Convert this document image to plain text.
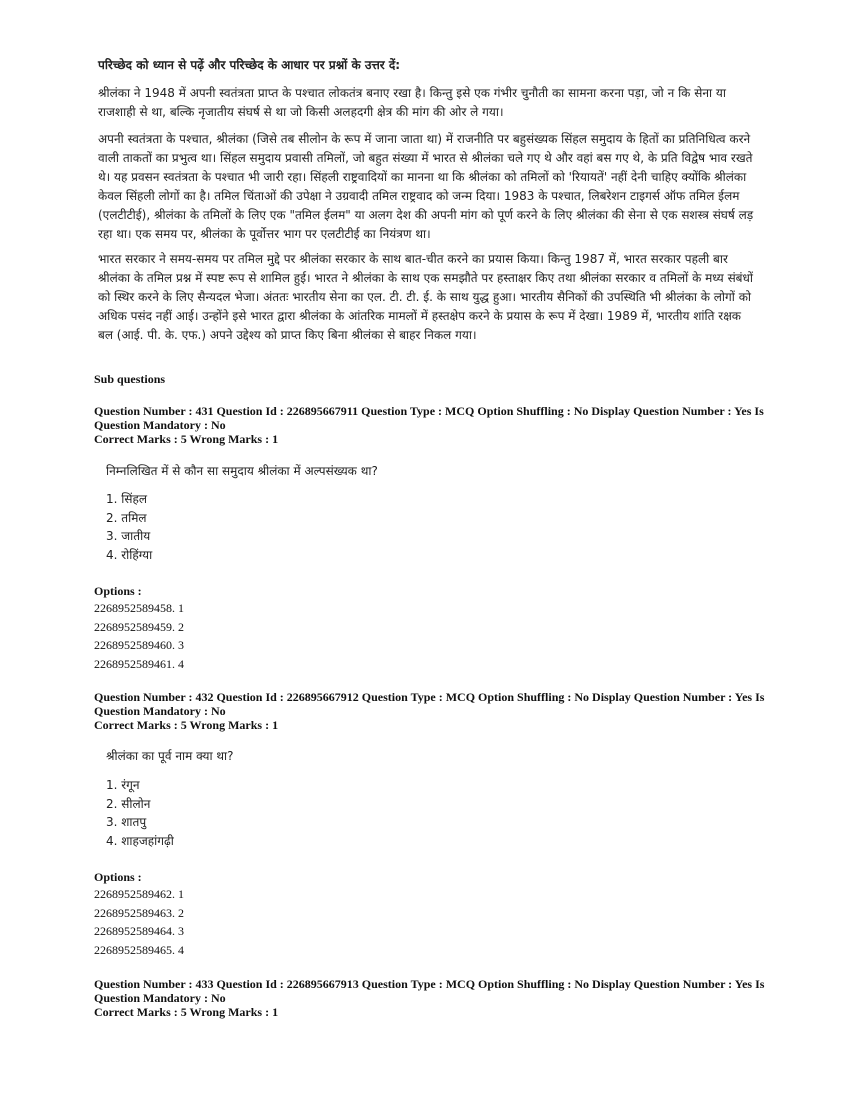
परिच्छेद को ध्यान से पढ़ें और परिच्छेद के आधार पर प्रश्नों के उत्तर दें:

श्रीलंका ने 1948 में अपनी स्वतंत्रता प्राप्त के पश्चात लोकतंत्र बनाए रखा है। किन्तु इसे एक गंभीर चुनौती का सामना करना पड़ा, जो न कि सेना या राजशाही से था, बल्कि नृजातीय संघर्ष से था जो किसी अलहदगी क्षेत्र की मांग की ओर ले गया।

अपनी स्वतंत्रता के पश्चात, श्रीलंका (जिसे तब सीलोन के रूप में जाना जाता था) में राजनीति पर बहुसंख्यक सिंहल समुदाय के हितों का प्रतिनिधित्व करने वाली ताकतों का प्रभुत्व था। सिंहल समुदाय प्रवासी तमिलों, जो बहुत संख्या में भारत से श्रीलंका चले गए थे और वहां बस गए थे, के प्रति विद्वेष भाव रखते थे। यह प्रवसन स्वतंत्रता के पश्चात भी जारी रहा। सिंहली राष्ट्रवादियों का मानना था कि श्रीलंका को तमिलों को 'रियायतें' नहीं देनी चाहिए क्योंकि श्रीलंका केवल सिंहली लोगों का है। तमिल चिंताओं की उपेक्षा ने उग्रवादी तमिल राष्ट्रवाद को जन्म दिया। 1983 के पश्चात, लिबरेशन टाइगर्स ऑफ तमिल ईलम (एलटीटीई), श्रीलंका के तमिलों के लिए एक "तमिल ईलम" या अलग देश की अपनी मांग को पूर्ण करने के लिए श्रीलंका की सेना से एक सशस्त्र संघर्ष लड़ रहा था। एक समय पर, श्रीलंका के पूर्वोत्तर भाग पर एलटीटीई का नियंत्रण था।

भारत सरकार ने समय-समय पर तमिल मुद्दे पर श्रीलंका सरकार के साथ बात-चीत करने का प्रयास किया। किन्तु 1987 में, भारत सरकार पहली बार श्रीलंका के तमिल प्रश्न में स्पष्ट रूप से शामिल हुई। भारत ने श्रीलंका के साथ एक समझौते पर हस्ताक्षर किए तथा श्रीलंका सरकार व तमिलों के मध्य संबंधों को स्थिर करने के लिए सैन्यदल भेजा। अंततः भारतीय सेना का एल. टी. टी. ई. के साथ युद्ध हुआ। भारतीय सैनिकों की उपस्थिति भी श्रीलंका के लोगों को अधिक पसंद नहीं आई। उन्होंने इसे भारत द्वारा श्रीलंका के आंतरिक मामलों में हस्तक्षेप करने के प्रयास के रूप में देखा। 1989 में, भारतीय शांति रक्षक बल (आई. पी. के. एफ.) अपने उद्देश्य को प्राप्त किए बिना श्रीलंका से बाहर निकल गया।

Sub questions
Question Number : 431 Question Id : 226895667911 Question Type : MCQ Option Shuffling : No Display Question Number : Yes Is Question Mandatory : No
Correct Marks : 5 Wrong Marks : 1
निम्नलिखित में से कौन सा समुदाय श्रीलंका में अल्पसंख्यक था?
1. सिंहल
2. तमिल
3. जातीय
4. रोहिंग्या
Options :
2268952589458. 1
2268952589459. 2
2268952589460. 3
2268952589461. 4
Question Number : 432 Question Id : 226895667912 Question Type : MCQ Option Shuffling : No Display Question Number : Yes Is Question Mandatory : No
Correct Marks : 5 Wrong Marks : 1
श्रीलंका का पूर्व नाम क्या था?
1. रंगून
2. सीलोन
3. शातपु
4. शाहजहांगढ़ी
Options :
2268952589462. 1
2268952589463. 2
2268952589464. 3
2268952589465. 4
Question Number : 433 Question Id : 226895667913 Question Type : MCQ Option Shuffling : No Display Question Number : Yes Is Question Mandatory : No
Correct Marks : 5 Wrong Marks : 1
